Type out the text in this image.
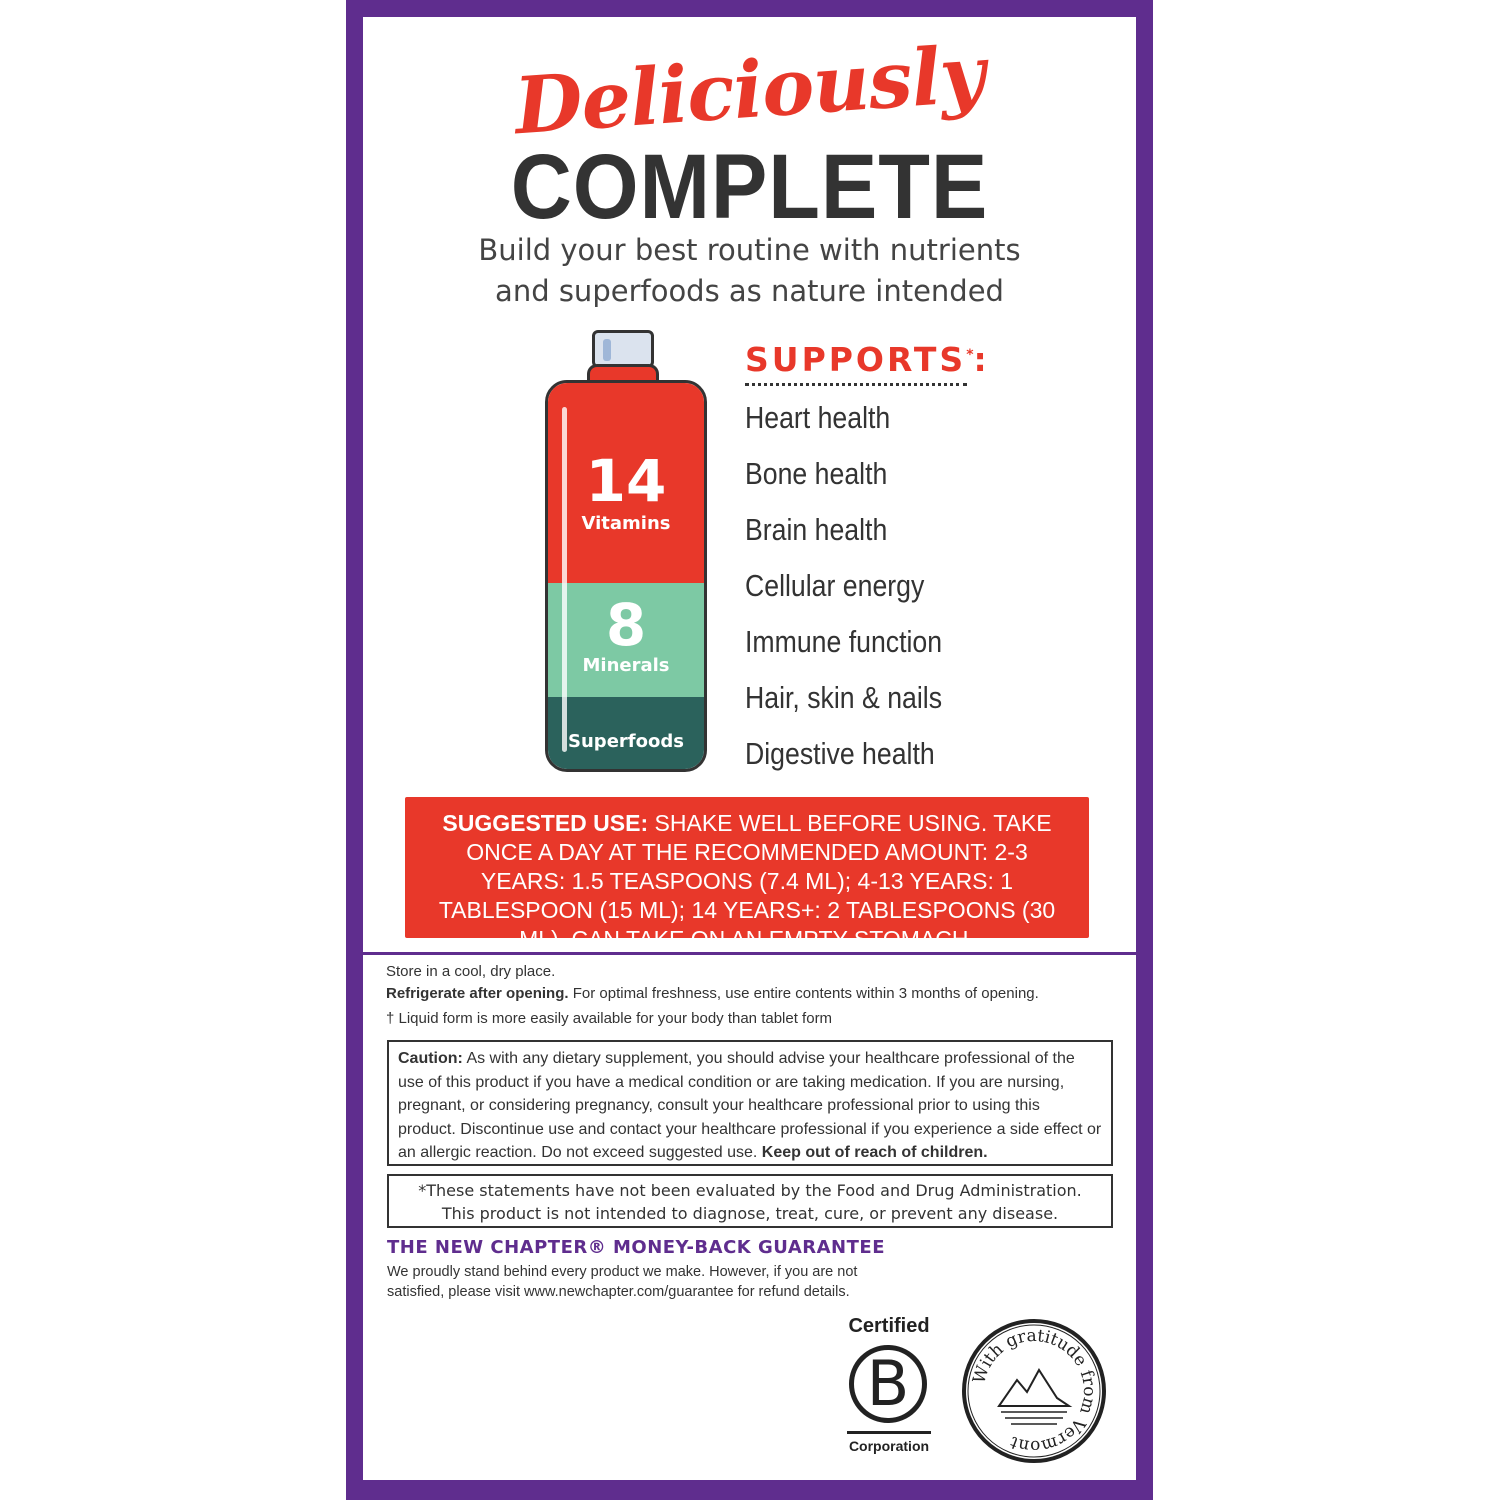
Deliciously
COMPLETE
Build your best routine with nutrients
and superfoods as nature intended
14
Vitamins
8
Minerals
Superfoods
SUPPORTS*:
Heart health
Bone health
Brain health
Cellular energy
Immune function
Hair, skin & nails
Digestive health
SUGGESTED USE: SHAKE WELL BEFORE USING. TAKE ONCE A DAY AT THE RECOMMENDED AMOUNT: 2-3 YEARS: 1.5 TEASPOONS (7.4 ML); 4-13 YEARS: 1 TABLESPOON (15 ML); 14 YEARS+: 2 TABLESPOONS (30 ML). CAN TAKE ON AN EMPTY STOMACH.
Store in a cool, dry place.
Refrigerate after opening. For optimal freshness, use entire contents within 3 months of opening.
† Liquid form is more easily available for your body than tablet form
Caution: As with any dietary supplement, you should advise your healthcare professional of the use of this product if you have a medical condition or are taking medication. If you are nursing, pregnant, or considering pregnancy, consult your healthcare professional prior to using this product. Discontinue use and contact your healthcare professional if you experience a side effect or an allergic reaction. Do not exceed suggested use. Keep out of reach of children.
*These statements have not been evaluated by the Food and Drug Administration.
This product is not intended to diagnose, treat, cure, or prevent any disease.
THE NEW CHAPTER® MONEY-BACK GUARANTEE
We proudly stand behind every product we make. However, if you are not satisfied, please visit www.newchapter.com/guarantee for refund details.
Certified
B
Corporation
With gratitude from Vermont
